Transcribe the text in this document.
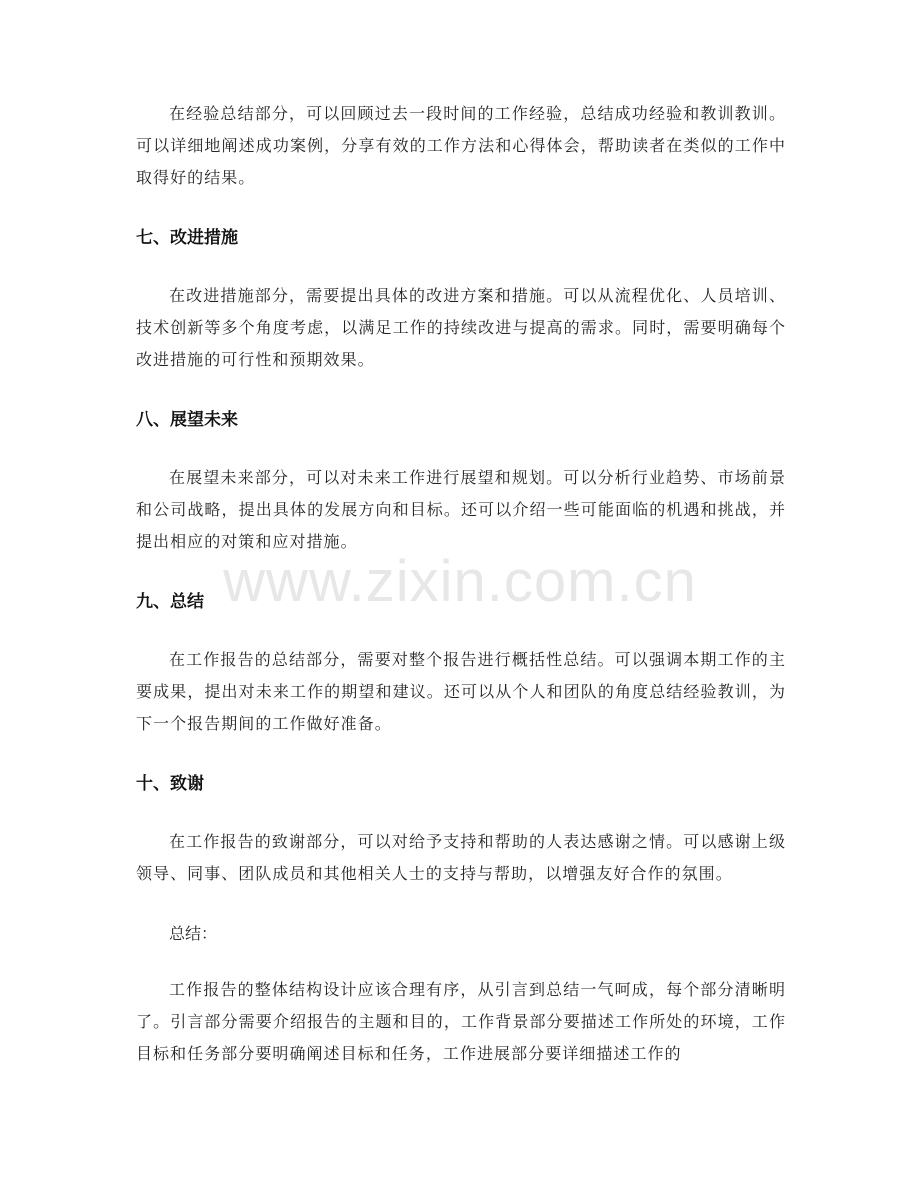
在经验总结部分，可以回顾过去一段时间的工作经验，总结成功经验和教训教训。可以详细地阐述成功案例，分享有效的工作方法和心得体会，帮助读者在类似的工作中取得好的结果。

七、改进措施

在改进措施部分，需要提出具体的改进方案和措施。可以从流程优化、人员培训、技术创新等多个角度考虑，以满足工作的持续改进与提高的需求。同时，需要明确每个改进措施的可行性和预期效果。

八、展望未来

在展望未来部分，可以对未来工作进行展望和规划。可以分析行业趋势、市场前景和公司战略，提出具体的发展方向和目标。还可以介绍一些可能面临的机遇和挑战，并提出相应的对策和应对措施。

九、总结

在工作报告的总结部分，需要对整个报告进行概括性总结。可以强调本期工作的主要成果，提出对未来工作的期望和建议。还可以从个人和团队的角度总结经验教训，为下一个报告期间的工作做好准备。

十、致谢

在工作报告的致谢部分，可以对给予支持和帮助的人表达感谢之情。可以感谢上级领导、同事、团队成员和其他相关人士的支持与帮助，以增强友好合作的氛围。

总结：

工作报告的整体结构设计应该合理有序，从引言到总结一气呵成，每个部分清晰明了。引言部分需要介绍报告的主题和目的，工作背景部分要描述工作所处的环境，工作目标和任务部分要明确阐述目标和任务，工作进展部分要详细描述工作的

www.zixin.com.cn
